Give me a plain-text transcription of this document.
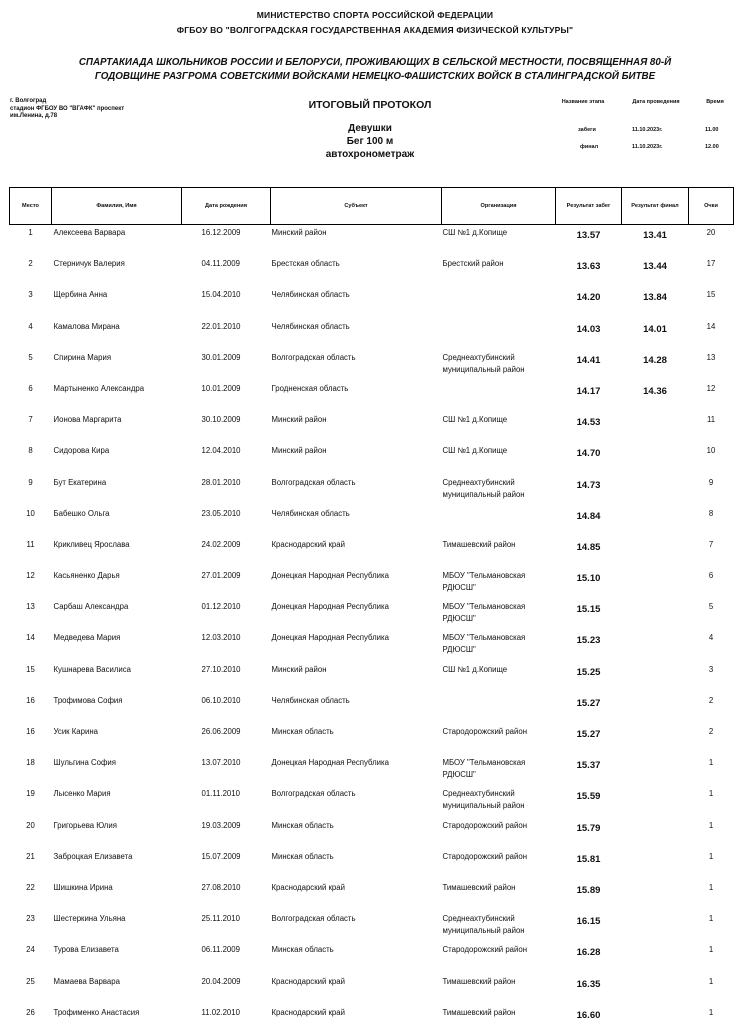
МИНИСТЕРСТВО СПОРТА РОССИЙСКОЙ ФЕДЕРАЦИИ
ФГБОУ ВО "ВОЛГОГРАДСКАЯ ГОСУДАРСТВЕННАЯ АКАДЕМИЯ ФИЗИЧЕСКОЙ КУЛЬТУРЫ"
СПАРТАКИАДА ШКОЛЬНИКОВ РОССИИ И БЕЛОРУСИ, ПРОЖИВАЮЩИХ В СЕЛЬСКОЙ МЕСТНОСТИ, ПОСВЯЩЕННАЯ 80-Й
ГОДОВЩИНЕ РАЗГРОМА СОВЕТСКИМИ ВОЙСКАМИ НЕМЕЦКО-ФАШИСТСКИХ ВОЙСК В СТАЛИНГРАДСКОЙ БИТВЕ
г. Волгоград
стадион ФГБОУ ВО "ВГАФК" проспект
им.Ленина, д.78
ИТОГОВЫЙ ПРОТОКОЛ
Девушки
Бег 100 м
автохронометраж
Название этапа	Дата проведения	Время
забеги	11.10.2023г.	11.00
финал	11.10.2023г.	12.00
Место	Фамилия, Имя	Дата рождения	Субъект	Организация	Результат забег	Результат финал	Очки

1	Алексеева Варвара	16.12.2009	Минский район	СШ №1 д.Копище	13.57	13.41	20

2	Стерничук Валерия	04.11.2009	Брестская область	Брестский район	13.63	13.44	17

3	Щербина Анна	15.04.2010	Челябинская область		14.20	13.84	15

4	Камалова Мирана	22.01.2010	Челябинская область		14.03	14.01	14

5	Спирина Мария	30.01.2009	Волгоградская область	Среднеахтубинский муниципальный район	14.41	14.28	13

6	Мартыненко Александра	10.01.2009	Гродненская область		14.17	14.36	12

7	Ионова Маргарита	30.10.2009	Минский район	СШ №1 д.Копище	14.53		11

8	Сидорова Кира	12.04.2010	Минский район	СШ №1 д.Копище	14.70		10

9	Бут Екатерина	28.01.2010	Волгоградская область	Среднеахтубинский муниципальный район	14.73		9

10	Бабешко Ольга	23.05.2010	Челябинская область		14.84		8

11	Крикливец Ярослава	24.02.2009	Краснодарский край	Тимашевский район	14.85		7

12	Касьяненко Дарья	27.01.2009	Донецкая Народная Республика	МБОУ "Тельмановская РДЮСШ"	15.10		6

13	Сарбаш Александра	01.12.2010	Донецкая Народная Республика	МБОУ "Тельмановская РДЮСШ"	15.15		5

14	Медведева Мария	12.03.2010	Донецкая Народная Республика	МБОУ "Тельмановская РДЮСШ"	15.23		4

15	Кушнарева Василиса	27.10.2010	Минский район	СШ №1 д.Копище	15.25		3

16	Трофимова София	06.10.2010	Челябинская область		15.27		2

16	Усик Карина	26.06.2009	Минская область	Стародорожский район	15.27		2

18	Шульгина София	13.07.2010	Донецкая Народная Республика	МБОУ "Тельмановская РДЮСШ"	15.37		1

19	Лысенко Мария	01.11.2010	Волгоградская область	Среднеахтубинский муниципальный район	15.59		1

20	Григорьева Юлия	19.03.2009	Минская область	Стародорожский район	15.79		1

21	Заброцкая Елизавета	15.07.2009	Минская область	Стародорожский район	15.81		1

22	Шишкина Ирина	27.08.2010	Краснодарский край	Тимашевский район	15.89		1

23	Шестеркина Ульяна	25.11.2010	Волгоградская область	Среднеахтубинский муниципальный район	16.15		1

24	Турова Елизавета	06.11.2009	Минская область	Стародорожский район	16.28		1

25	Мамаева Варвара	20.04.2009	Краснодарский край	Тимашевский район	16.35		1

26	Трофименко Анастасия	11.02.2010	Краснодарский край	Тимашевский район	16.60		1
